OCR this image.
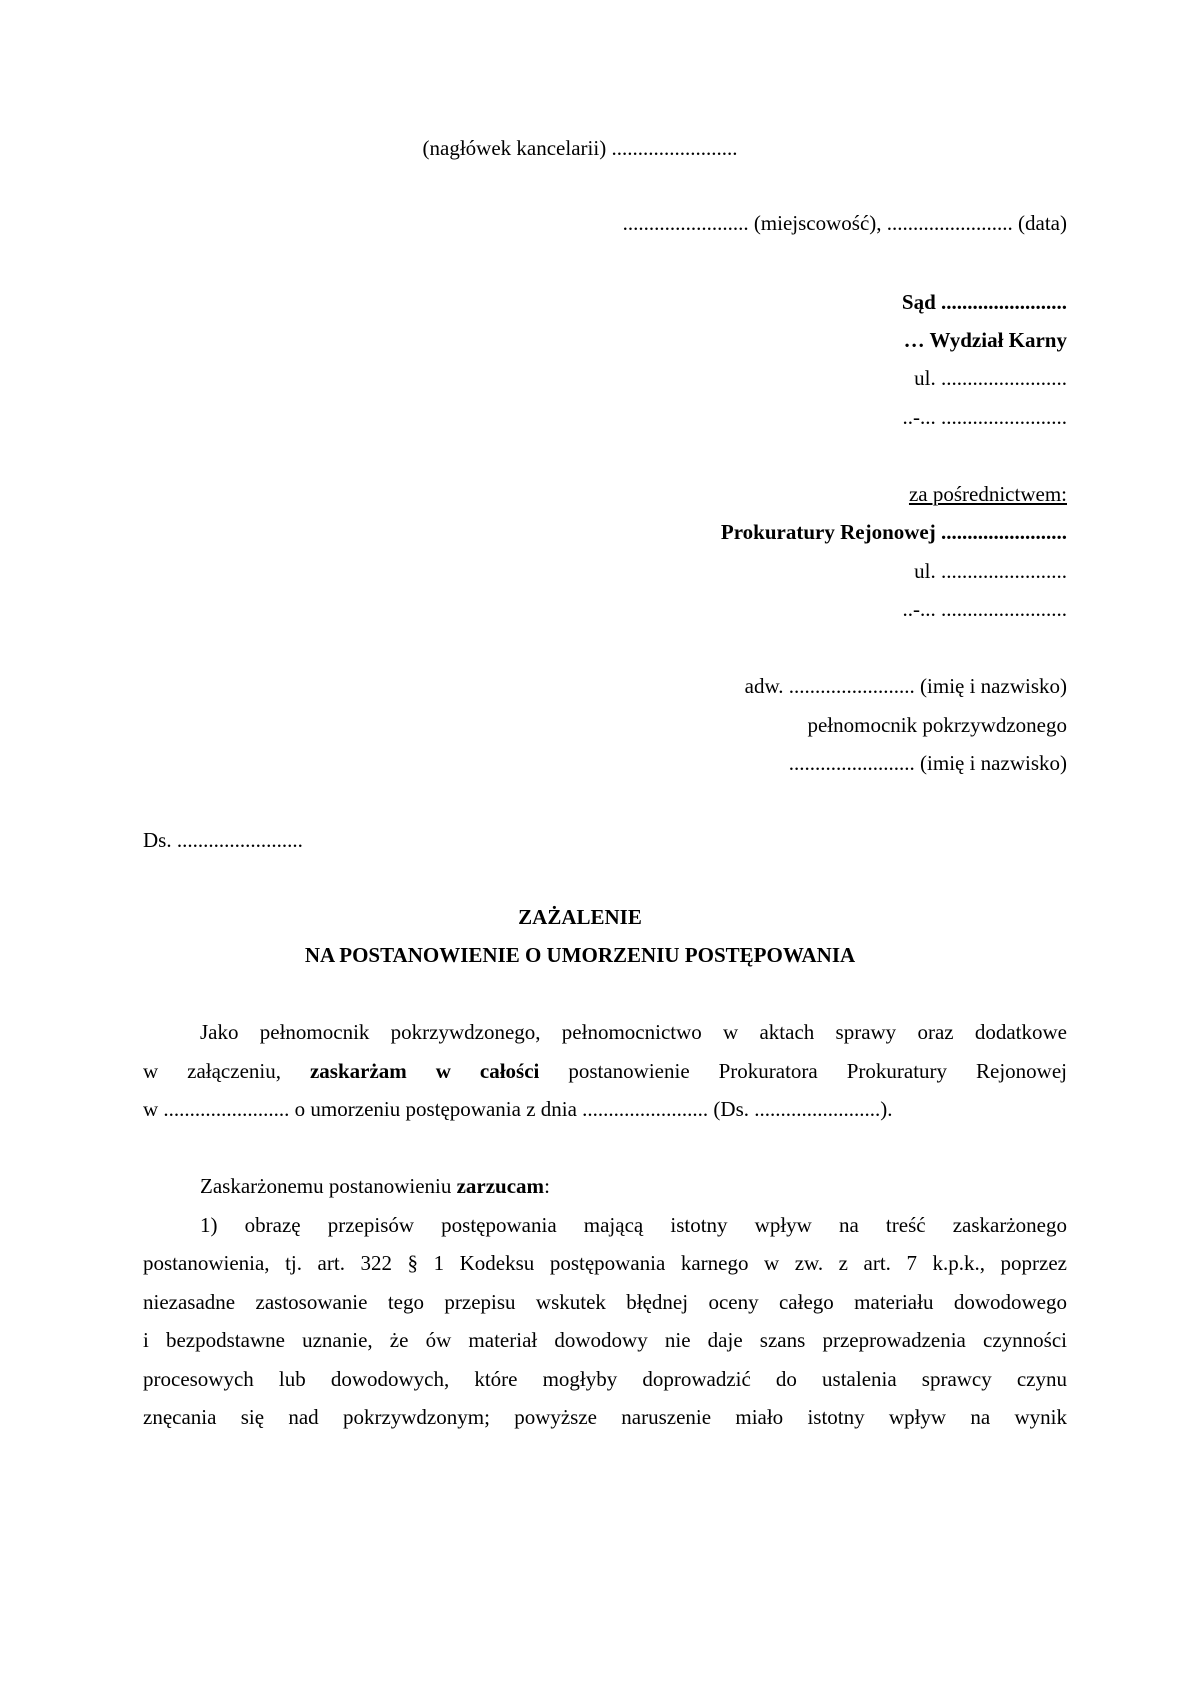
(nagłówek kancelarii) ........................
........................ (miejscowość), ........................ (data)
Sąd ........................
… Wydział Karny
ul. ........................
..-... ........................
za pośrednictwem:
Prokuratury Rejonowej ........................
ul. ........................
..-... ........................
adw. ........................ (imię i nazwisko)
pełnomocnik pokrzywdzonego
........................ (imię i nazwisko)
Ds. ........................
ZAŻALENIE
NA POSTANOWIENIE O UMORZENIU POSTĘPOWANIA
Jako pełnomocnik pokrzywdzonego, pełnomocnictwo w aktach sprawy oraz dodatkowe
w załączeniu, zaskarżam w całości postanowienie Prokuratora Prokuratury Rejonowej
w ........................ o umorzeniu postępowania z dnia ........................ (Ds. ........................).
Zaskarżonemu postanowieniu zarzucam:
1) obrazę przepisów postępowania mającą istotny wpływ na treść zaskarżonego
postanowienia, tj. art. 322 § 1 Kodeksu postępowania karnego w zw. z art. 7 k.p.k., poprzez
niezasadne zastosowanie tego przepisu wskutek błędnej oceny całego materiału dowodowego
i bezpodstawne uznanie, że ów materiał dowodowy nie daje szans przeprowadzenia czynności
procesowych lub dowodowych, które mogłyby doprowadzić do ustalenia sprawcy czynu
znęcania się nad pokrzywdzonym; powyższe naruszenie miało istotny wpływ na wynik
